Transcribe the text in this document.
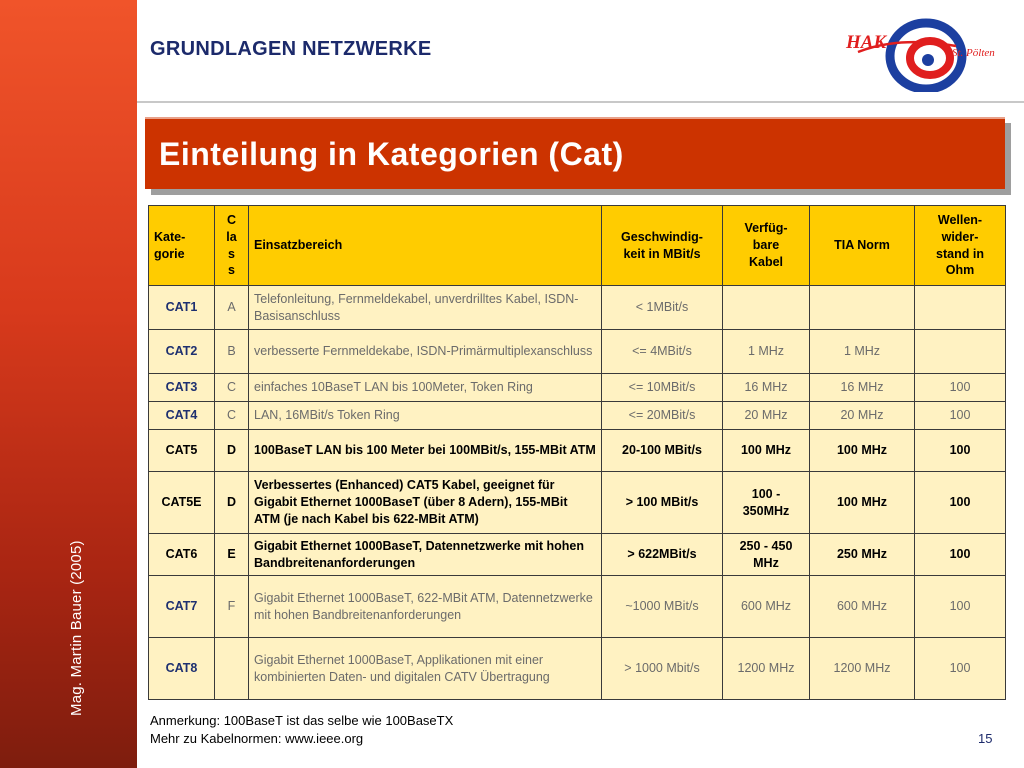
Mag. Martin Bauer (2005)
GRUNDLAGEN NETZWERKE	HAK	St. Pölten
Einteilung in Kategorien (Cat)
Kate-
gorie	C
la
s
s	Einsatzbereich	Geschwindig-
keit in MBit/s	Verfüg-
bare
Kabel	TIA Norm	Wellen-
wider-
stand in
Ohm
CAT1	A	Telefonleitung, Fernmeldekabel, unverdrilltes Kabel, ISDN-Basisanschluss	< 1MBit/s			
CAT2	B	verbesserte Fernmeldekabe, ISDN-Primärmultiplexanschluss	<= 4MBit/s	1 MHz	1 MHz	
CAT3	C	einfaches 10BaseT LAN bis 100Meter, Token Ring	<= 10MBit/s	16 MHz	16 MHz	100
CAT4	C	LAN, 16MBit/s Token Ring	<= 20MBit/s	20 MHz	20 MHz	100
CAT5	D	100BaseT LAN bis 100 Meter bei 100MBit/s, 155-MBit ATM	20-100 MBit/s	100 MHz	100 MHz	100
CAT5E	D	Verbessertes (Enhanced) CAT5 Kabel, geeignet für Gigabit Ethernet 1000BaseT (über 8 Adern), 155-MBit ATM (je nach Kabel bis 622-MBit ATM)	> 100 MBit/s	100 - 350MHz	100 MHz	100
CAT6	E	Gigabit Ethernet 1000BaseT, Datennetzwerke mit hohen Bandbreitenanforderungen	> 622MBit/s	250 - 450 MHz	250 MHz	100
CAT7	F	Gigabit Ethernet 1000BaseT, 622-MBit ATM, Datennetzwerke mit hohen Bandbreitenanforderungen	~1000 MBit/s	600 MHz	600 MHz	100
CAT8		Gigabit Ethernet 1000BaseT, Applikationen mit einer kombinierten Daten- und digitalen CATV Übertragung	> 1000 Mbit/s	1200 MHz	1200 MHz	100
Anmerkung: 100BaseT ist das selbe wie 100BaseTX
Mehr zu Kabelnormen: www.ieee.org	15
